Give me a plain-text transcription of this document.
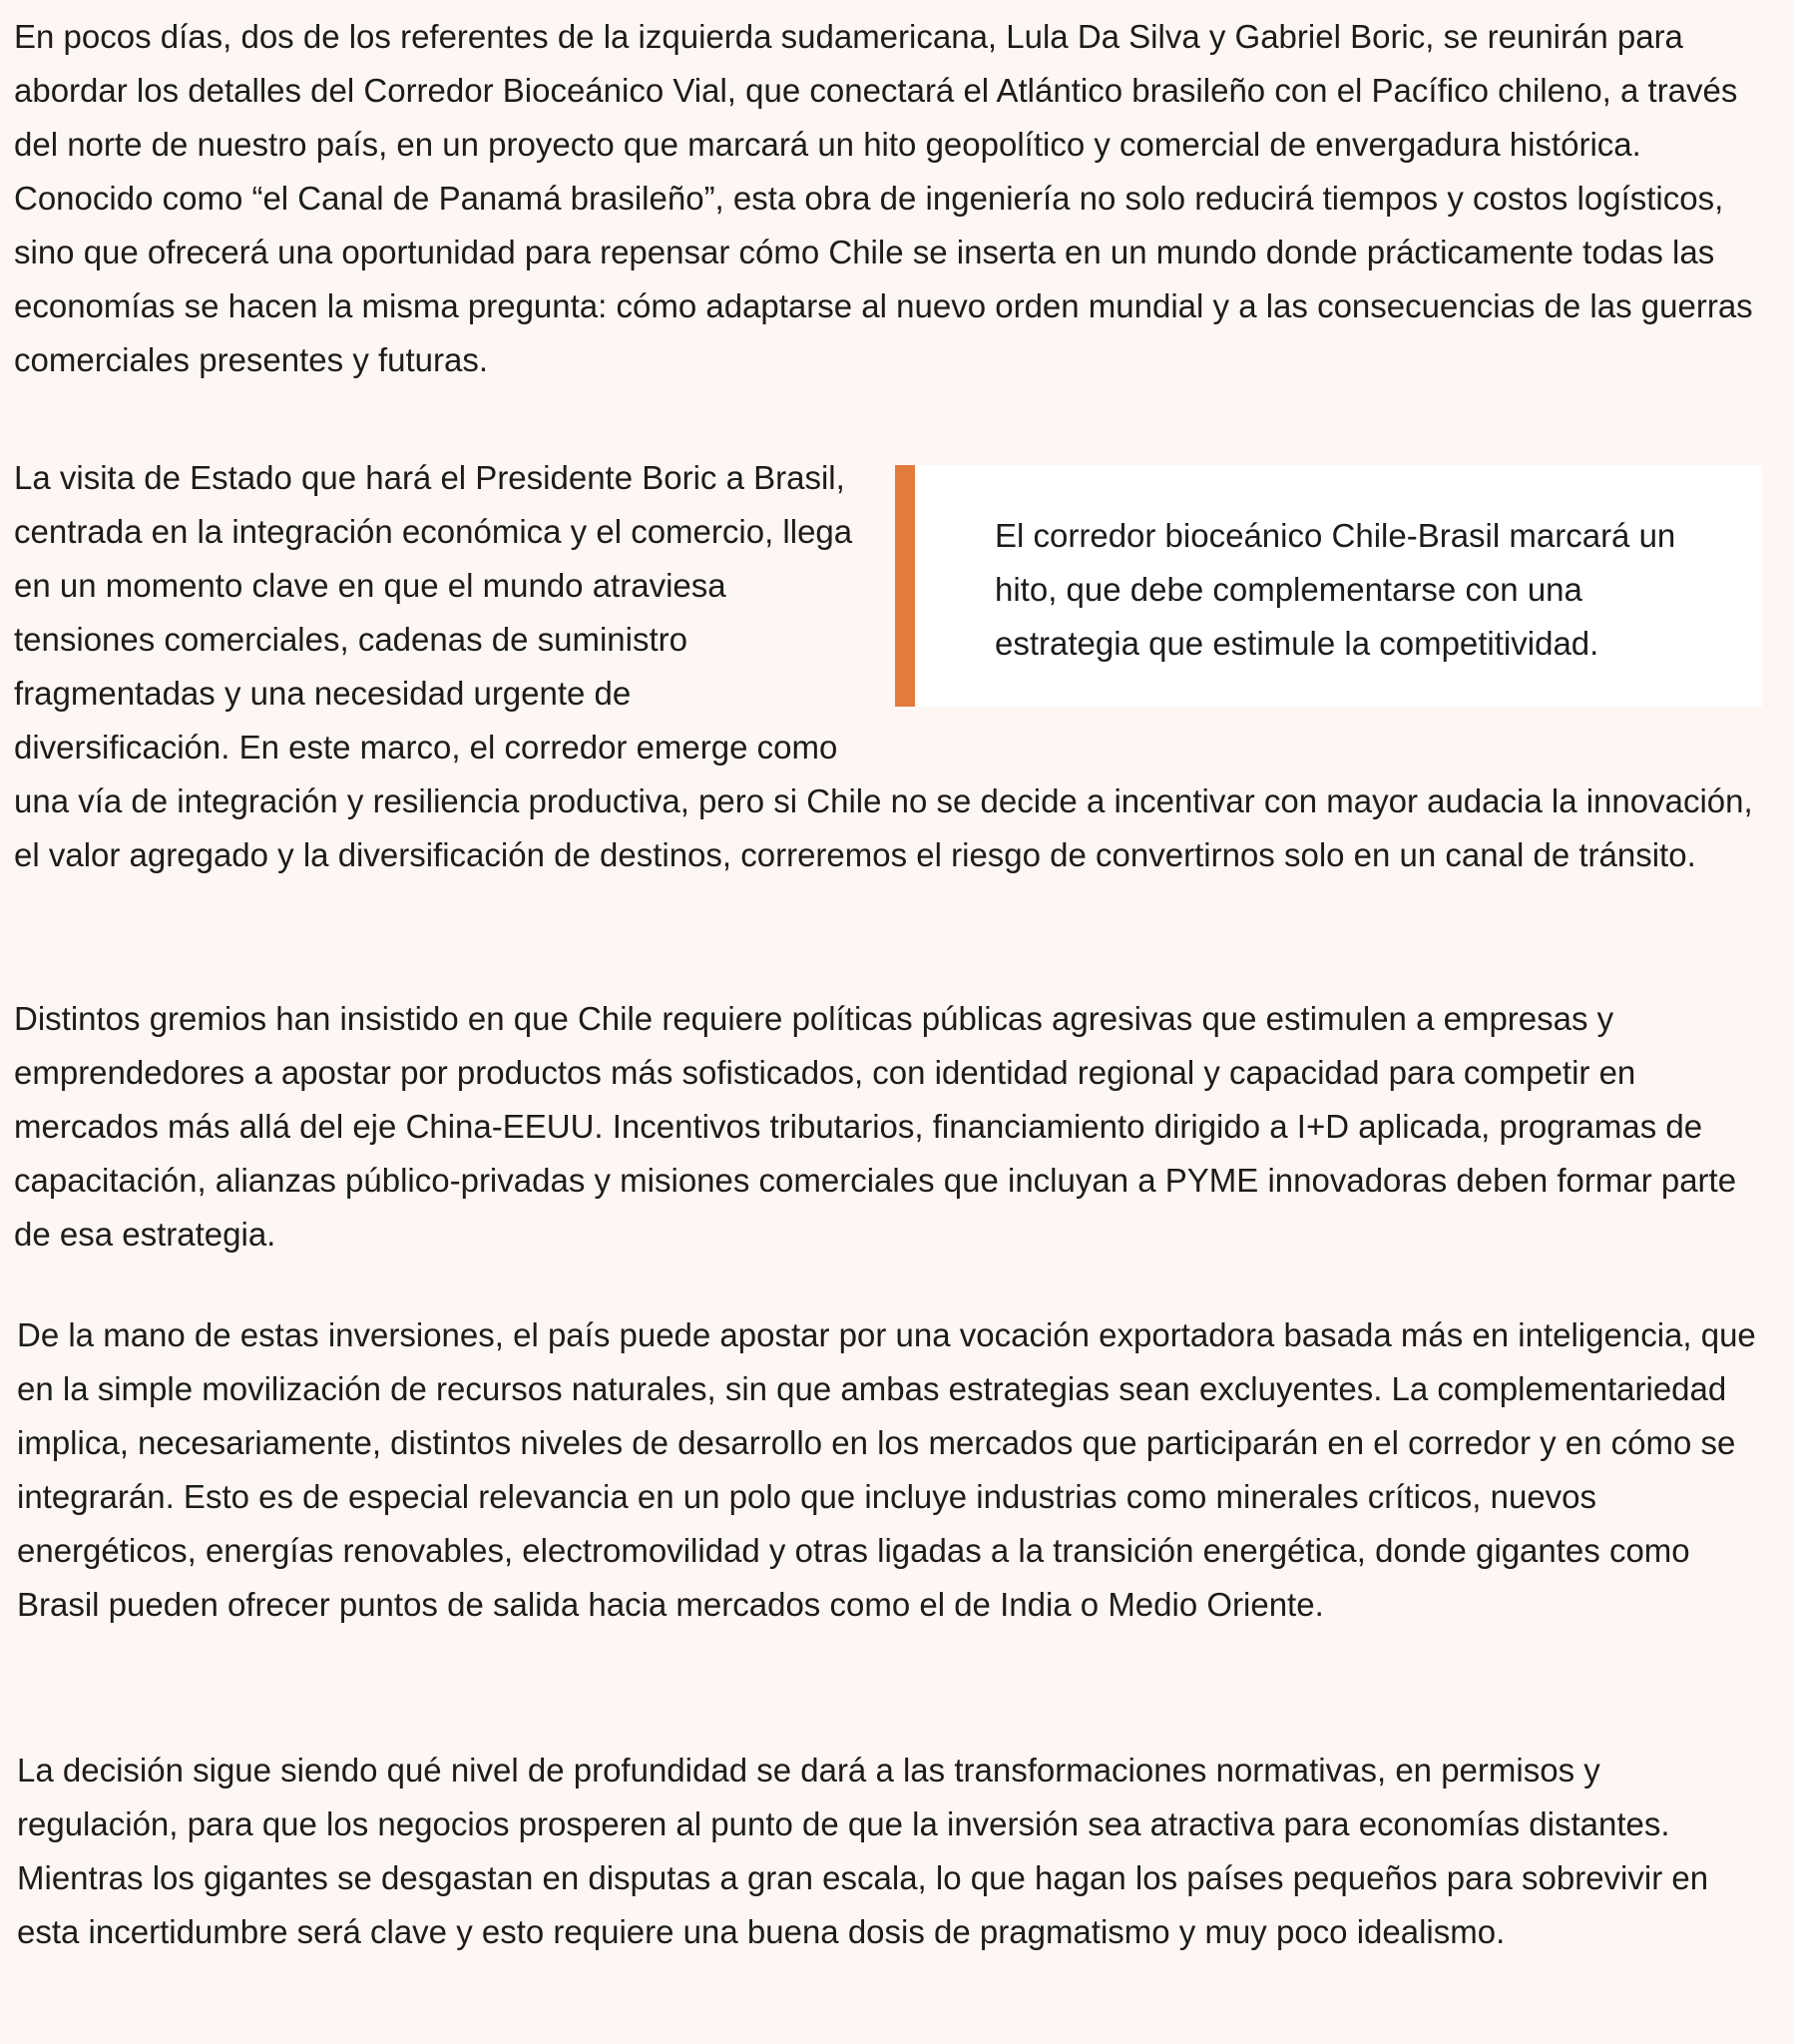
En pocos días, dos de los referentes de la izquierda sudamericana, Lula Da Silva y Gabriel Boric, se reunirán para abordar los detalles del Corredor Bioceánico Vial, que conectará el Atlántico brasileño con el Pacífico chileno, a través del norte de nuestro país, en un proyecto que marcará un hito geopolítico y comercial de envergadura histórica. Conocido como “el Canal de Panamá brasileño”, esta obra de ingeniería no solo reducirá tiempos y costos logísticos, sino que ofrecerá una oportunidad para repensar cómo Chile se inserta en un mundo donde prácticamente todas las economías se hacen la misma pregunta: cómo adaptarse al nuevo orden mundial y a las consecuencias de las guerras comerciales presentes y futuras.

El corredor bioceánico Chile-Brasil marcará un hito, que debe complementarse con una estrategia que estimule la competitividad.
La visita de Estado que hará el Presidente Boric a Brasil, centrada en la integración económica y el comercio, llega en un momento clave en que el mundo atraviesa tensiones comerciales, cadenas de suministro fragmentadas y una necesidad urgente de diversificación. En este marco, el corredor emerge como una vía de integración y resiliencia productiva, pero si Chile no se decide a incentivar con mayor audacia la innovación, el valor agregado y la diversificación de destinos, correremos el riesgo de convertirnos solo en un canal de tránsito.

Distintos gremios han insistido en que Chile requiere políticas públicas agresivas que estimulen a empresas y emprendedores a apostar por productos más sofisticados, con identidad regional y capacidad para competir en mercados más allá del eje China-EEUU. Incentivos tributarios, financiamiento dirigido a I+D aplicada, programas de capacitación, alianzas público-privadas y misiones comerciales que incluyan a PYME innovadoras deben formar parte de esa estrategia.

De la mano de estas inversiones, el país puede apostar por una vocación exportadora basada más en inteligencia, que en la simple movilización de recursos naturales, sin que ambas estrategias sean excluyentes. La complementariedad implica, necesariamente, distintos niveles de desarrollo en los mercados que participarán en el corredor y en cómo se integrarán. Esto es de especial relevancia en un polo que incluye industrias como minerales críticos, nuevos energéticos, energías renovables, electromovilidad y otras ligadas a la transición energética, donde gigantes como Brasil pueden ofrecer puntos de salida hacia mercados como el de India o Medio Oriente.

La decisión sigue siendo qué nivel de profundidad se dará a las transformaciones normativas, en permisos y regulación, para que los negocios prosperen al punto de que la inversión sea atractiva para economías distantes. Mientras los gigantes se desgastan en disputas a gran escala, lo que hagan los países pequeños para sobrevivir en esta incertidumbre será clave y esto requiere una buena dosis de pragmatismo y muy poco idealismo.
